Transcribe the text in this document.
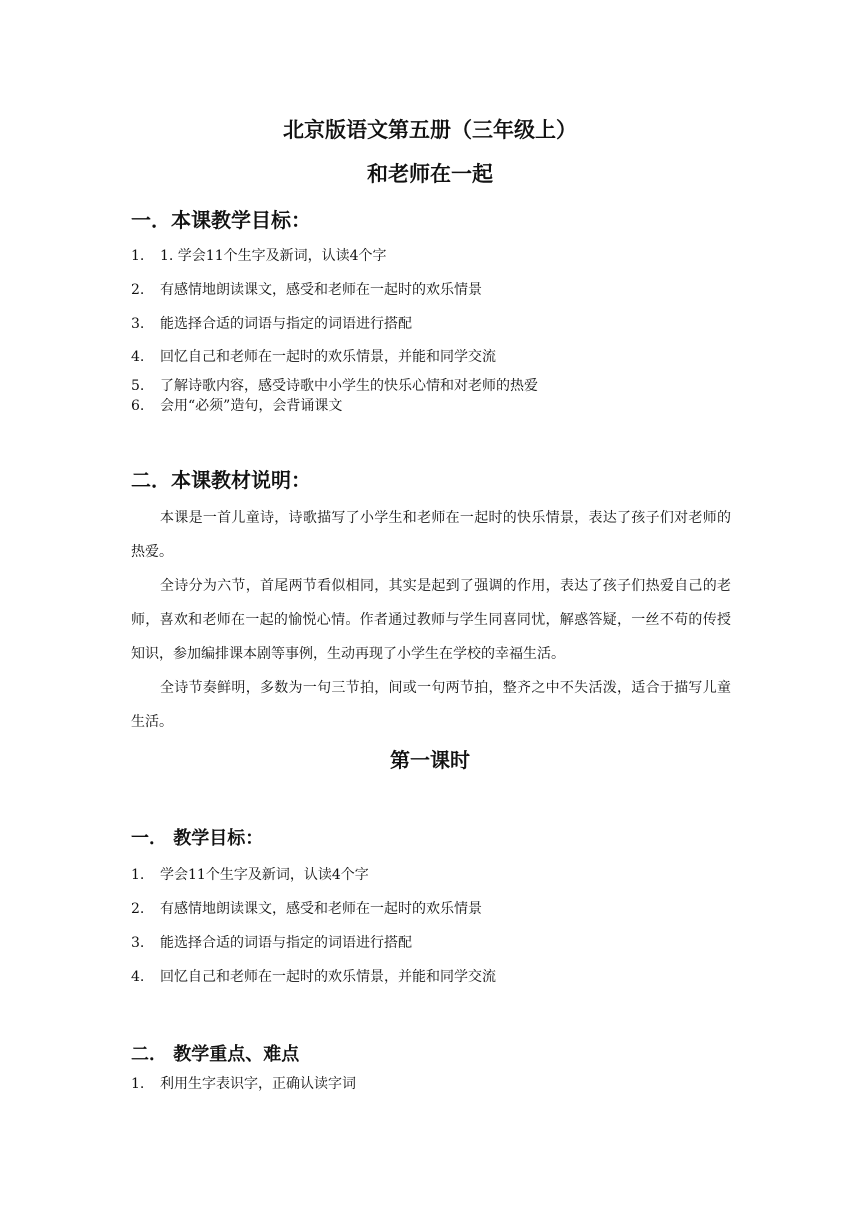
北京版语文第五册（三年级上）
和老师在一起
一．本课教学目标：
1. 1. 学会11个生字及新词，认读4个字
2. 有感情地朗读课文，感受和老师在一起时的欢乐情景
3. 能选择合适的词语与指定的词语进行搭配
4. 回忆自己和老师在一起时的欢乐情景，并能和同学交流
5. 了解诗歌内容，感受诗歌中小学生的快乐心情和对老师的热爱
6. 会用“必须”造句，会背诵课文
二．本课教材说明：

本课是一首儿童诗，诗歌描写了小学生和老师在一起时的快乐情景，表达了孩子们对老师的热爱。

全诗分为六节，首尾两节看似相同，其实是起到了强调的作用，表达了孩子们热爱自己的老师，喜欢和老师在一起的愉悦心情。作者通过教师与学生同喜同忧，解惑答疑，一丝不苟的传授知识，参加编排课本剧等事例，生动再现了小学生在学校的幸福生活。

全诗节奏鲜明，多数为一句三节拍，间或一句两节拍，整齐之中不失活泼，适合于描写儿童生活。

第一课时
一． 教学目标：
1. 学会11个生字及新词，认读4个字
2. 有感情地朗读课文，感受和老师在一起时的欢乐情景
3. 能选择合适的词语与指定的词语进行搭配
4. 回忆自己和老师在一起时的欢乐情景，并能和同学交流
二． 教学重点、难点
1. 利用生字表识字，正确认读字词
